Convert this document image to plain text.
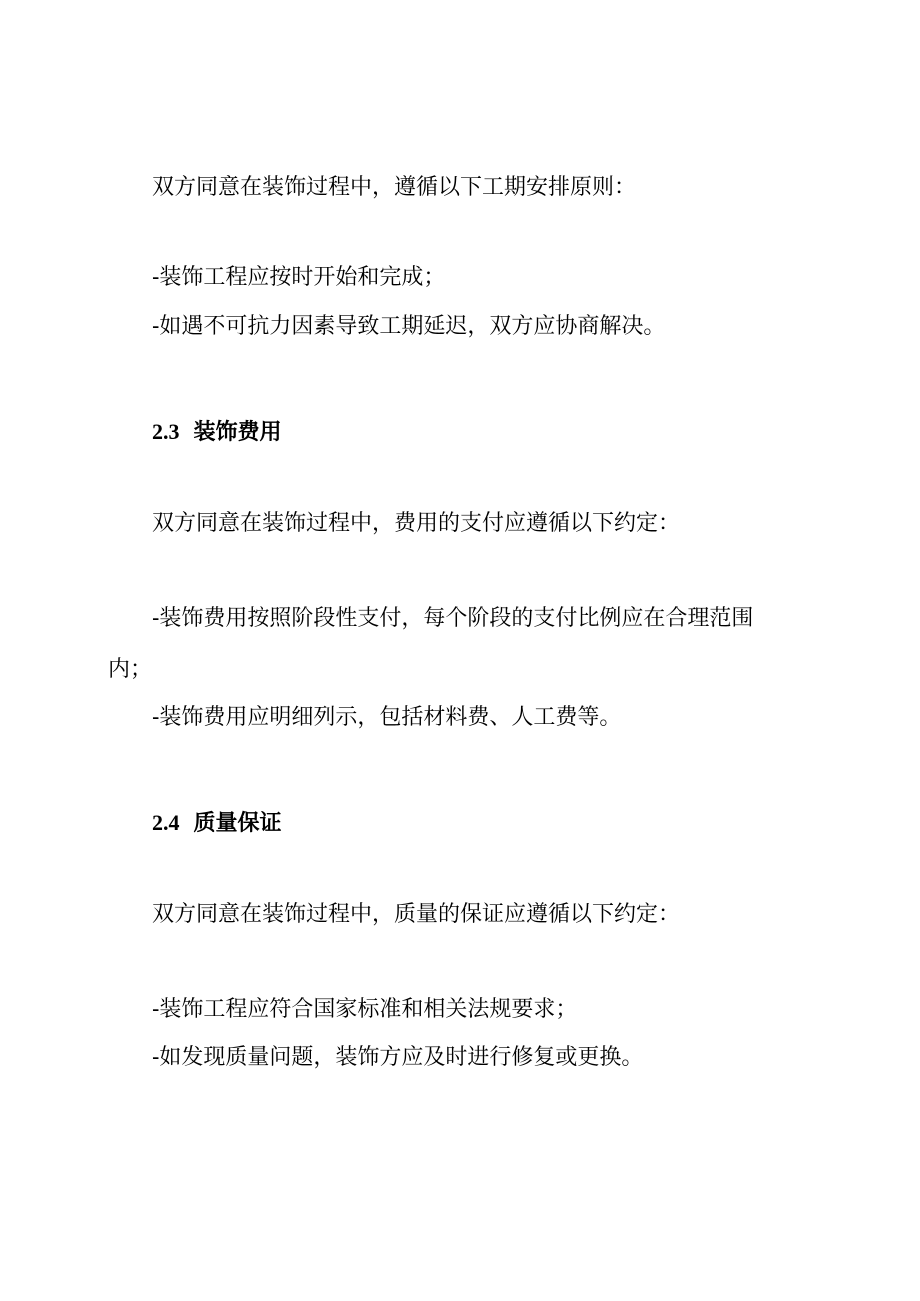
双方同意在装饰过程中，遵循以下工期安排原则：
-装饰工程应按时开始和完成；
-如遇不可抗力因素导致工期延迟，双方应协商解决。
2.3 装饰费用
双方同意在装饰过程中，费用的支付应遵循以下约定：
-装饰费用按照阶段性支付，每个阶段的支付比例应在合理范围
内；
-装饰费用应明细列示，包括材料费、人工费等。
2.4 质量保证
双方同意在装饰过程中，质量的保证应遵循以下约定：
-装饰工程应符合国家标准和相关法规要求；
-如发现质量问题，装饰方应及时进行修复或更换。
